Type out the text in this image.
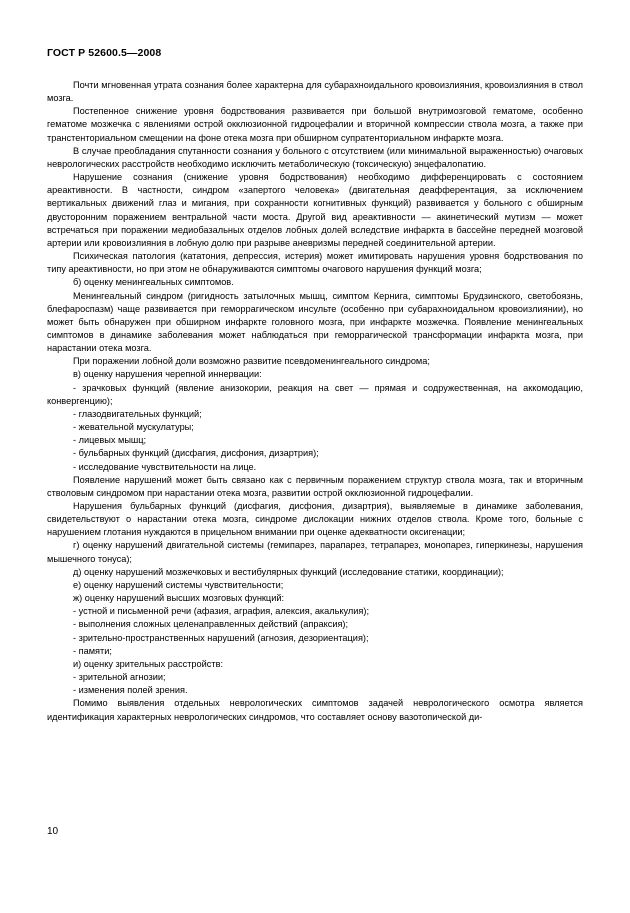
ГОСТ Р 52600.5—2008

Почти мгновенная утрата сознания более характерна для субарахноидального кровоизлияния, кровоизлияния в ствол мозга.

Постепенное снижение уровня бодрствования развивается при большой внутримозговой гематоме, особенно гематоме мозжечка с явлениями острой окклюзионной гидроцефалии и вторичной компрессии ствола мозга, а также при транстенториальном смещении на фоне отека мозга при обширном супратенториальном инфаркте мозга.

В случае преобладания спутанности сознания у больного с отсутствием (или минимальной выраженностью) очаговых неврологических расстройств необходимо исключить метаболическую (токсическую) энцефалопатию.

Нарушение сознания (снижение уровня бодрствования) необходимо дифференцировать с состоянием ареактивности. В частности, синдром «запертого человека» (двигательная деафферентация, за исключением вертикальных движений глаз и мигания, при сохранности когнитивных функций) развивается у больного с обширным двусторонним поражением вентральной части моста. Другой вид ареактивности — акинетический мутизм — может встречаться при поражении медиобазальных отделов лобных долей вследствие инфаркта в бассейне передней мозговой артерии или кровоизлияния в лобную долю при разрыве аневризмы передней соединительной артерии.

Психическая патология (кататония, депрессия, истерия) может имитировать нарушения уровня бодрствования по типу ареактивности, но при этом не обнаруживаются симптомы очагового нарушения функций мозга;

б) оценку менингеальных симптомов.

Менингеальный синдром (ригидность затылочных мышц, симптом Кернига, симптомы Брудзинского, светобоязнь, блефароспазм) чаще развивается при геморрагическом инсульте (особенно при субарахноидальном кровоизлиянии), но может быть обнаружен при обширном инфаркте головного мозга, при инфаркте мозжечка. Появление менингеальных симптомов в динамике заболевания может наблюдаться при геморрагической трансформации инфаркта мозга, при нарастании отека мозга.

При поражении лобной доли возможно развитие псевдоменингеального синдрома;

в) оценку нарушения черепной иннервации:

- зрачковых функций (явление анизокории, реакция на свет — прямая и содружественная, на аккомодацию, конвергенцию);

- глазодвигательных функций;

- жевательной мускулатуры;

- лицевых мышц;

- бульбарных функций (дисфагия, дисфония, дизартрия);

- исследование чувствительности на лице.

Появление нарушений может быть связано как с первичным поражением структур ствола мозга, так и вторичным стволовым синдромом при нарастании отека мозга, развитии острой окклюзионной гидроцефалии.

Нарушения бульбарных функций (дисфагия, дисфония, дизартрия), выявляемые в динамике заболевания, свидетельствуют о нарастании отека мозга, синдроме дислокации нижних отделов ствола. Кроме того, больные с нарушением глотания нуждаются в прицельном внимании при оценке адекватности оксигенации;

г) оценку нарушений двигательной системы (гемипарез, парапарез, тетрапарез, монопарез, гиперкинезы, нарушения мышечного тонуса);

д) оценку нарушений мозжечковых и вестибулярных функций (исследование статики, координации);

е) оценку нарушений системы чувствительности;

ж) оценку нарушений высших мозговых функций:

- устной и письменной речи (афазия, аграфия, алексия, акалькулия);

- выполнения сложных целенаправленных действий (апраксия);

- зрительно-пространственных нарушений (агнозия, дезориентация);

- памяти;

и) оценку зрительных расстройств:

- зрительной агнозии;

- изменения полей зрения.

Помимо выявления отдельных неврологических симптомов задачей неврологического осмотра является идентификация характерных неврологических синдромов, что составляет основу вазотопической ди-

10
